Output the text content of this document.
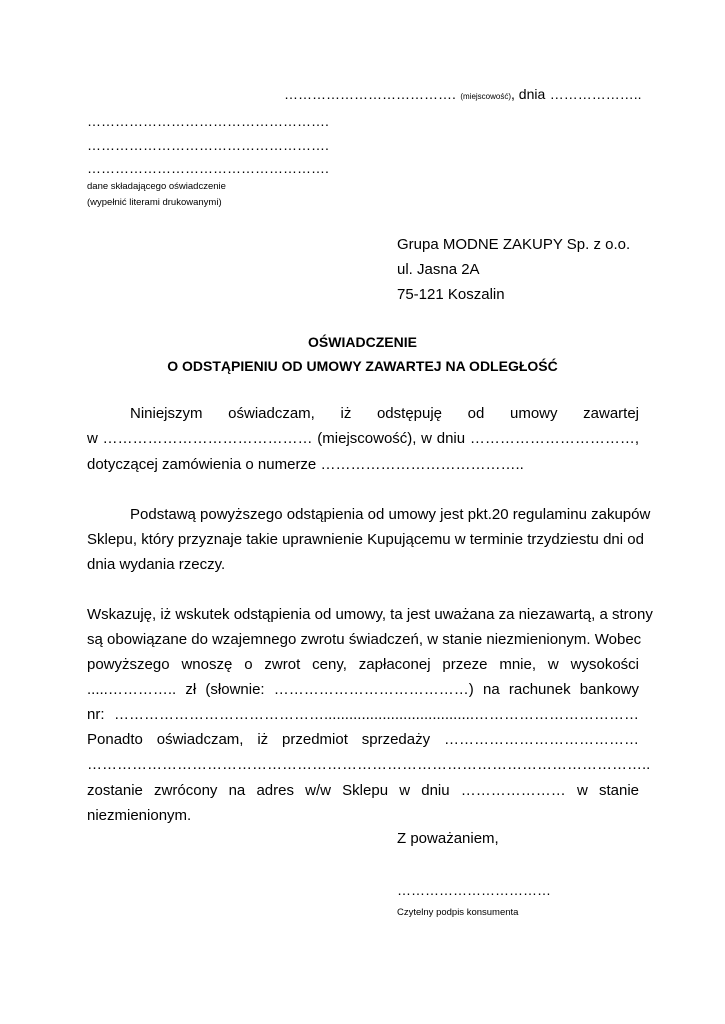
………………………………. (miejscowość), dnia ………………..
…………………………………………….
…………………………………………….
…………………………………………….
dane składającego oświadczenie
(wypełnić literami drukowanymi)
Grupa MODNE ZAKUPY Sp. z o.o.
ul. Jasna 2A
75-121 Koszalin
OŚWIADCZENIE
O ODSTĄPIENIU OD UMOWY ZAWARTEJ NA ODLEGŁOŚĆ
Niniejszym oświadczam, iż odstępuję od umowy zawartej
w …………………………………… (miejscowość), w dniu ……………………………,
dotyczącej zamówienia o numerze …………………………………..
Podstawą powyższego odstąpienia od umowy jest pkt.20 regulaminu zakupów
Sklepu, który przyznaje takie uprawnienie Kupującemu w terminie trzydziestu dni od
dnia wydania rzeczy.
Wskazuję, iż wskutek odstąpienia od umowy, ta jest uważana za niezawartą, a strony
są obowiązane do wzajemnego zwrotu świadczeń, w stanie niezmienionym. Wobec
powyższego wnoszę o zwrot ceny, zapłaconej przeze mnie, w wysokości
.....………….. zł (słownie: …………………………………) na rachunek bankowy
nr: ……………………………………....................................……………………………
Ponadto oświadczam, iż przedmiot sprzedaży …………………………………
…………………………………………………………………………………………………..
zostanie zwrócony na adres w/w Sklepu w dniu ………………… w stanie
niezmienionym.
Z poważaniem,
……………………………
Czytelny podpis konsumenta
